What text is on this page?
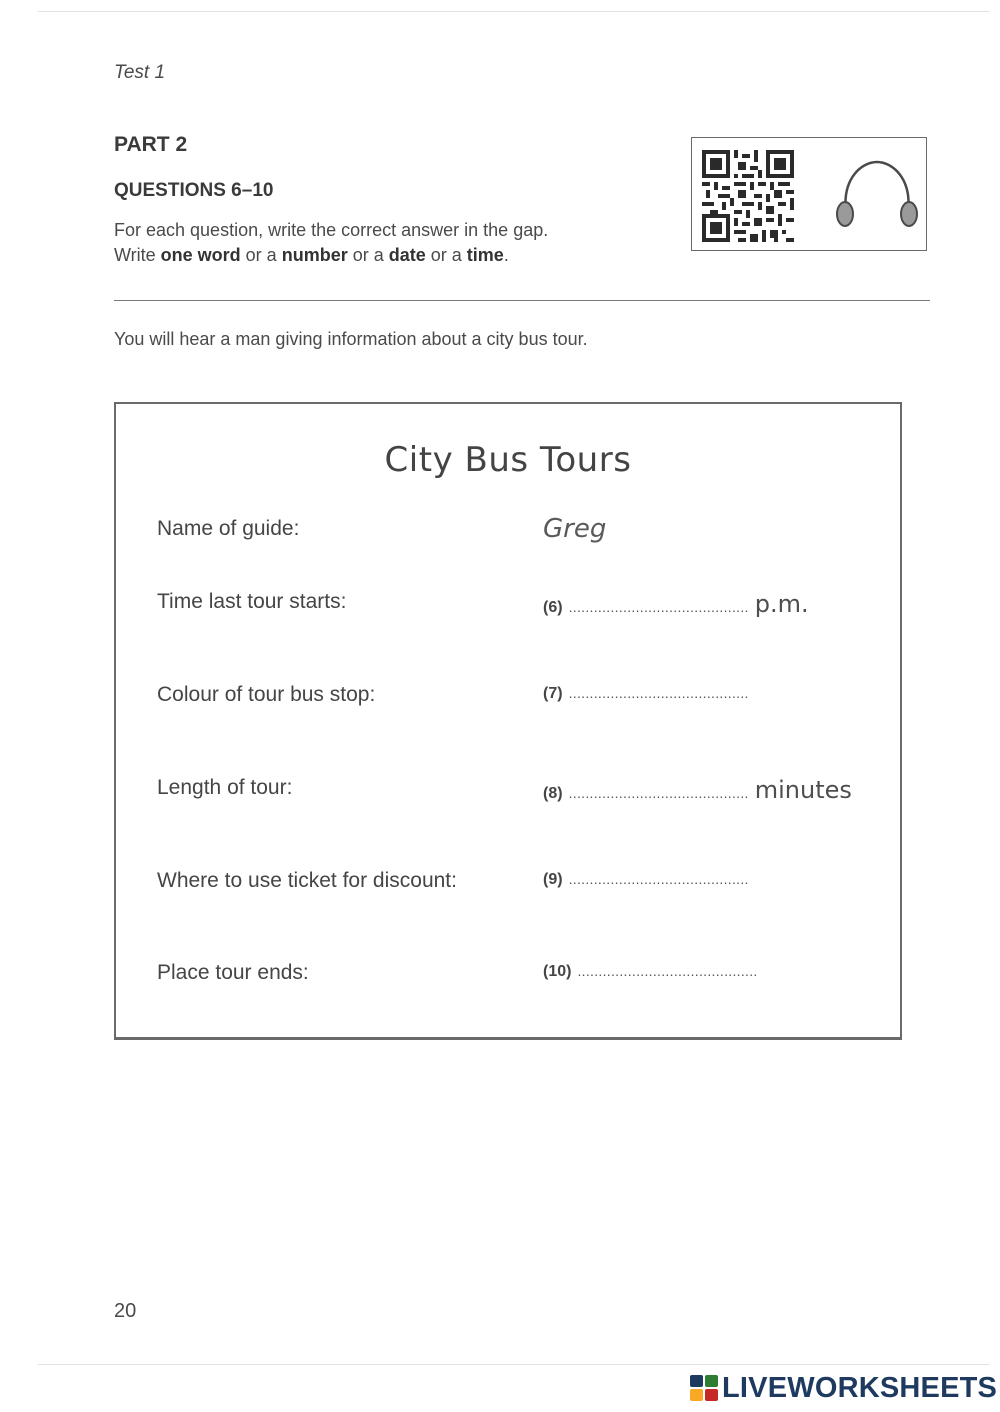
Test 1
PART 2
QUESTIONS 6–10
For each question, write the correct answer in the gap.
Write one word or a number or a date or a time.
You will hear a man giving information about a city bus tour.
City Bus Tours
Name of guide:	Greg
Time last tour starts:	(6) ........................................... p.m.
Colour of tour bus stop:	(7) ...........................................
Length of tour:	(8) ........................................... minutes
Where to use ticket for discount:	(9) ...........................................
Place tour ends:	(10) ...........................................
20
LIVEWORKSHEETS
